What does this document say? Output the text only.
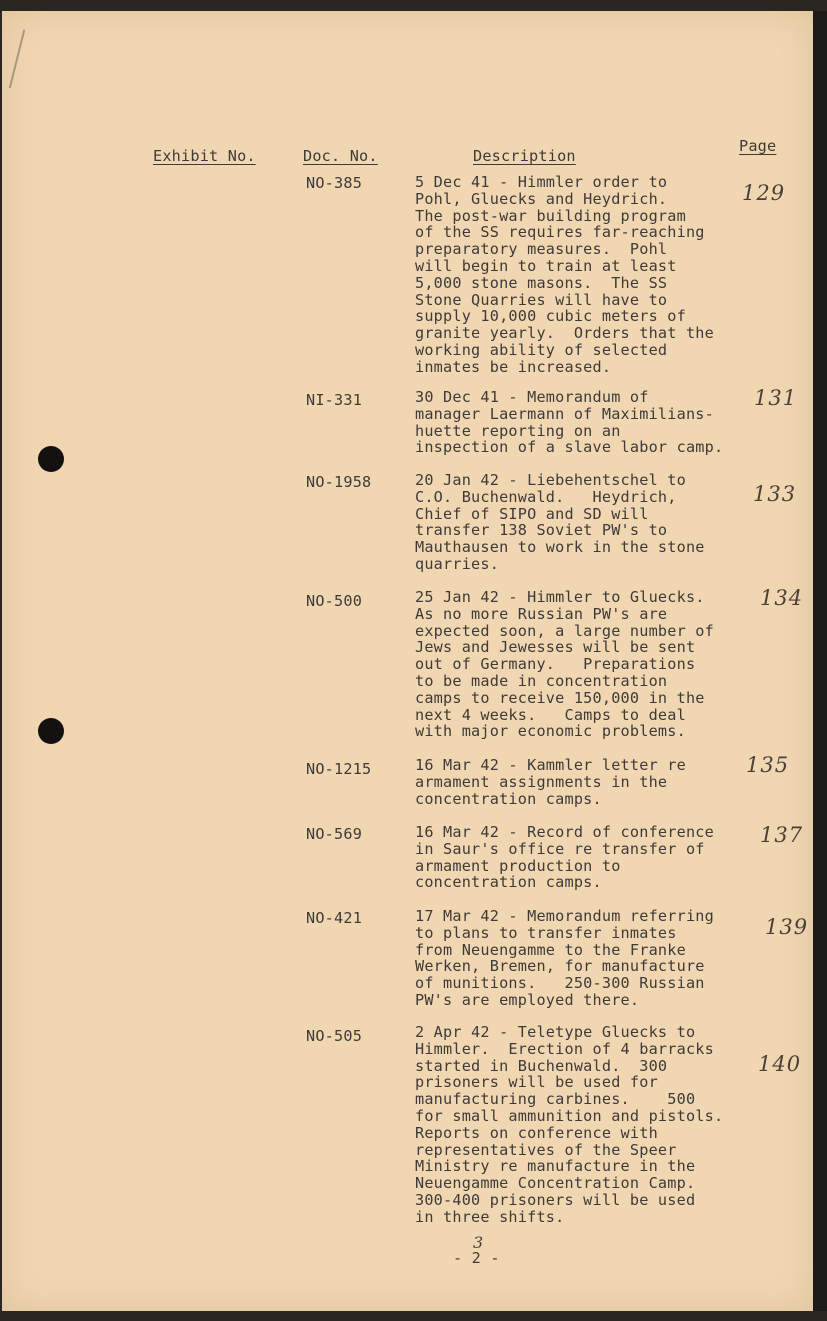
Exhibit No.	Doc. No.	Description
Page
NO-385	5 Dec 41 - Himmler order to
Pohl, Gluecks and Heydrich.
The post-war building program
of the SS requires far-reaching
preparatory measures.  Pohl
will begin to train at least
5,000 stone masons.  The SS
Stone Quarries will have to
supply 10,000 cubic meters of
granite yearly.  Orders that the
working ability of selected
inmates be increased.
129
NI-331	30 Dec 41 - Memorandum of
manager Laermann of Maximilians-
huette reporting on an
inspection of a slave labor camp.
131
NO-1958	20 Jan 42 - Liebehentschel to
C.O. Buchenwald.   Heydrich,
Chief of SIPO and SD will
transfer 138 Soviet PW's to
Mauthausen to work in the stone
quarries.
133
NO-500	25 Jan 42 - Himmler to Gluecks.
As no more Russian PW's are
expected soon, a large number of
Jews and Jewesses will be sent
out of Germany.   Preparations
to be made in concentration
camps to receive 150,000 in the
next 4 weeks.   Camps to deal
with major economic problems.
134
NO-1215	16 Mar 42 - Kammler letter re
armament assignments in the
concentration camps.
135
NO-569	16 Mar 42 - Record of conference
in Saur's office re transfer of
armament production to
concentration camps.
137
NO-421	17 Mar 42 - Memorandum referring
to plans to transfer inmates
from Neuengamme to the Franke
Werken, Bremen, for manufacture
of munitions.   250-300 Russian
PW's are employed there.
139
NO-505	2 Apr 42 - Teletype Gluecks to
Himmler.  Erection of 4 barracks
started in Buchenwald.  300
prisoners will be used for
manufacturing carbines.    500
for small ammunition and pistols.
Reports on conference with
representatives of the Speer
Ministry re manufacture in the
Neuengamme Concentration Camp.
300-400 prisoners will be used
in three shifts.
140
- 2 -
3
